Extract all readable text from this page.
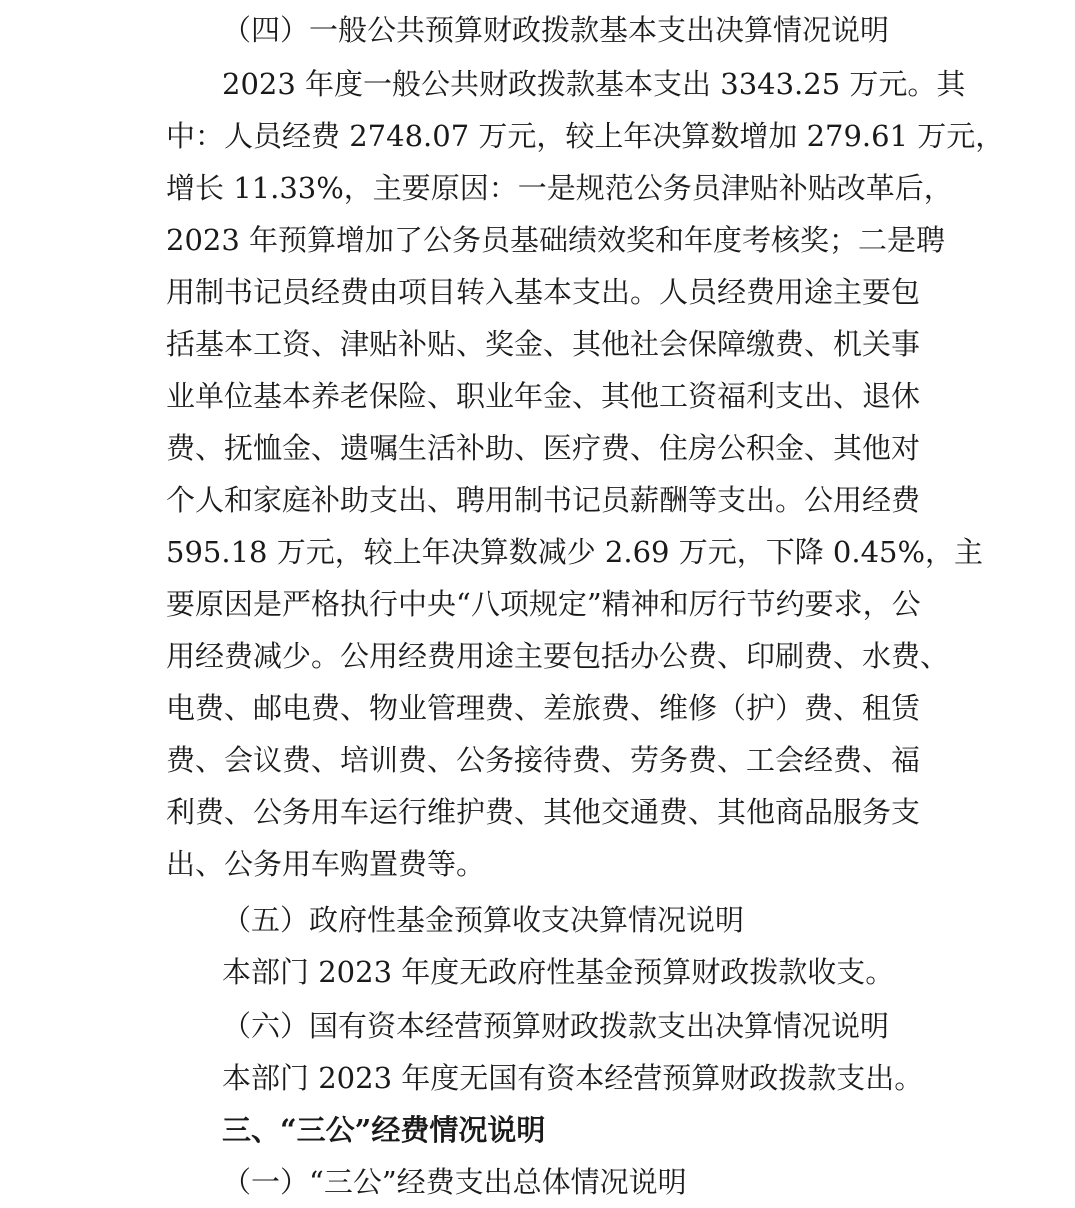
（四）一般公共预算财政拨款基本支出决算情况说明
2023 年度一般公共财政拨款基本支出 3343.25 万元。其
中：人员经费 2748.07 万元，较上年决算数增加 279.61 万元，
增长 11.33%，主要原因：一是规范公务员津贴补贴改革后，
2023 年预算增加了公务员基础绩效奖和年度考核奖；二是聘
用制书记员经费由项目转入基本支出。人员经费用途主要包
括基本工资、津贴补贴、奖金、其他社会保障缴费、机关事
业单位基本养老保险、职业年金、其他工资福利支出、退休
费、抚恤金、遗嘱生活补助、医疗费、住房公积金、其他对
个人和家庭补助支出、聘用制书记员薪酬等支出。公用经费
595.18 万元，较上年决算数减少 2.69 万元，下降 0.45%，主
要原因是严格执行中央“八项规定”精神和厉行节约要求，公
用经费减少。公用经费用途主要包括办公费、印刷费、水费、
电费、邮电费、物业管理费、差旅费、维修（护）费、租赁
费、会议费、培训费、公务接待费、劳务费、工会经费、福
利费、公务用车运行维护费、其他交通费、其他商品服务支
出、公务用车购置费等。
（五）政府性基金预算收支决算情况说明
本部门 2023 年度无政府性基金预算财政拨款收支。
（六）国有资本经营预算财政拨款支出决算情况说明
本部门 2023 年度无国有资本经营预算财政拨款支出。
三、“三公”经费情况说明
（一）“三公”经费支出总体情况说明
